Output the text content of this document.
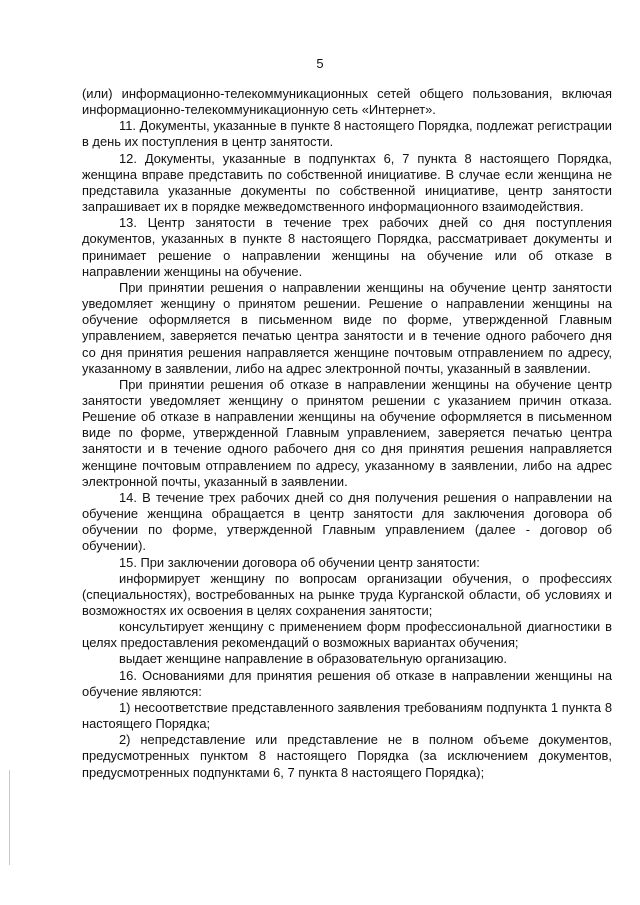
5

(или) информационно-телекоммуникационных сетей общего пользования, включая информационно-телекоммуникационную сеть «Интернет».

11. Документы, указанные в пункте 8 настоящего Порядка, подлежат регистрации в день их поступления в центр занятости.

12. Документы, указанные в подпунктах 6, 7 пункта 8 настоящего Порядка, женщина вправе представить по собственной инициативе. В случае если женщина не представила указанные документы по собственной инициативе, центр занятости запрашивает их в порядке межведомственного информационного взаимодействия.

13. Центр занятости в течение трех рабочих дней со дня поступления документов, указанных в пункте 8 настоящего Порядка, рассматривает документы и принимает решение о направлении женщины на обучение или об отказе в направлении женщины на обучение.

При принятии решения о направлении женщины на обучение центр занятости уведомляет женщину о принятом решении. Решение о направлении женщины на обучение оформляется в письменном виде по форме, утвержденной Главным управлением, заверяется печатью центра занятости и в течение одного рабочего дня со дня принятия решения направляется женщине почтовым отправлением по адресу, указанному в заявлении, либо на адрес электронной почты, указанный в заявлении.

При принятии решения об отказе в направлении женщины на обучение центр занятости уведомляет женщину о принятом решении с указанием причин отказа. Решение об отказе в направлении женщины на обучение оформляется в письменном виде по форме, утвержденной Главным управлением, заверяется печатью центра занятости и в течение одного рабочего дня со дня принятия решения направляется женщине почтовым отправлением по адресу, указанному в заявлении, либо на адрес электронной почты, указанный в заявлении.

14. В течение трех рабочих дней со дня получения решения о направлении на обучение женщина обращается в центр занятости для заключения договора об обучении по форме, утвержденной Главным управлением (далее - договор об обучении).

15. При заключении договора об обучении центр занятости:

информирует женщину по вопросам организации обучения, о профессиях (специальностях), востребованных на рынке труда Курганской области, об условиях и возможностях их освоения в целях сохранения занятости;

консультирует женщину с применением форм профессиональной диагностики в целях предоставления рекомендаций о возможных вариантах обучения;

выдает женщине направление в образовательную организацию.

16. Основаниями для принятия решения об отказе в направлении женщины на обучение являются:

1) несоответствие представленного заявления требованиям подпункта 1 пункта 8 настоящего Порядка;

2) непредставление или представление не в полном объеме документов, предусмотренных пунктом 8 настоящего Порядка (за исключением документов, предусмотренных подпунктами 6, 7 пункта 8 настоящего Порядка);
